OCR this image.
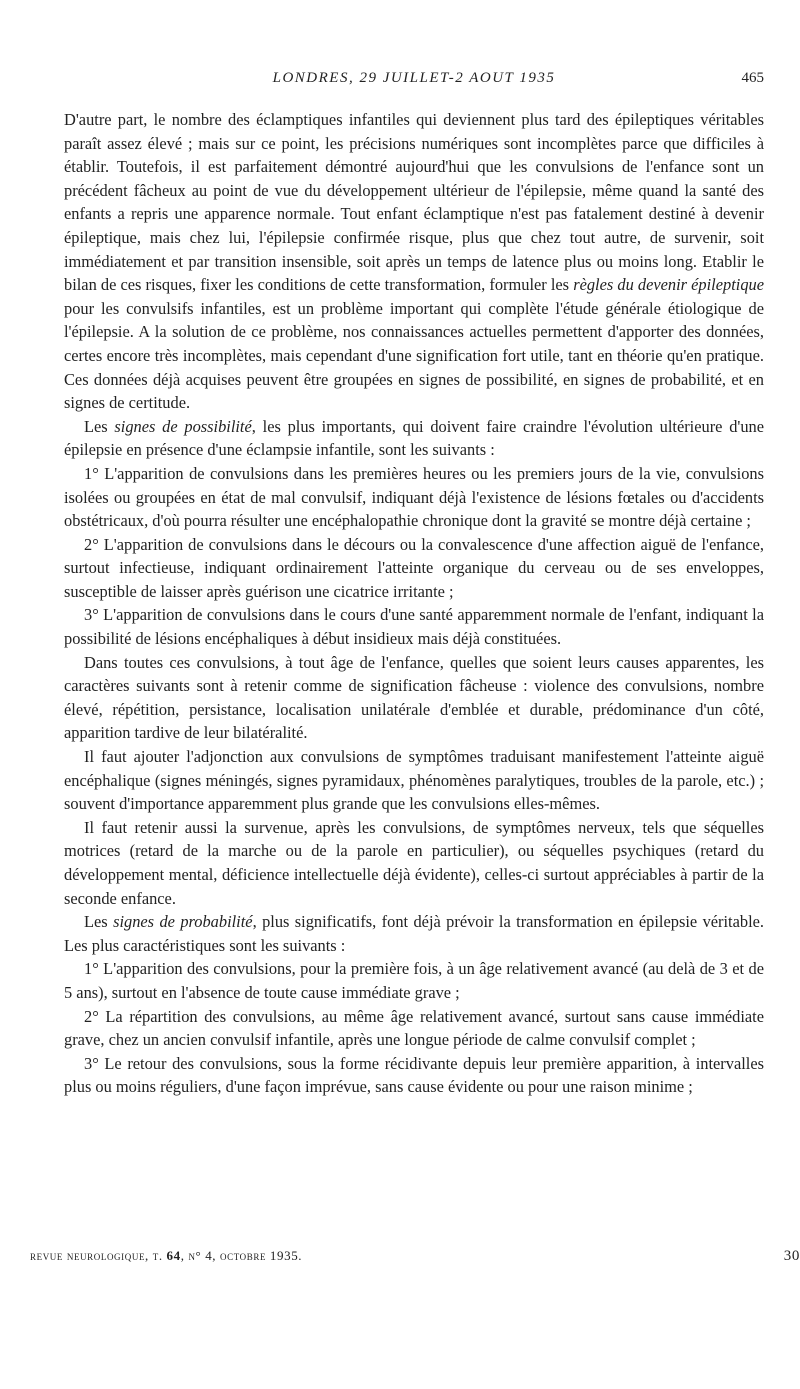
LONDRES, 29 JUILLET-2 AOUT 1935	465

D'autre part, le nombre des éclamptiques infantiles qui deviennent plus tard des épileptiques véritables paraît assez élevé ; mais sur ce point, les précisions numériques sont incomplètes parce que difficiles à établir. Toutefois, il est parfaitement démontré aujourd'hui que les convulsions de l'enfance sont un précédent fâcheux au point de vue du développement ultérieur de l'épilepsie, même quand la santé des enfants a repris une apparence normale. Tout enfant éclamptique n'est pas fatalement destiné à devenir épileptique, mais chez lui, l'épilepsie confirmée risque, plus que chez tout autre, de survenir, soit immédiatement et par transition insensible, soit après un temps de latence plus ou moins long. Etablir le bilan de ces risques, fixer les conditions de cette transformation, formuler les règles du devenir épileptique pour les convulsifs infantiles, est un problème important qui complète l'étude générale étiologique de l'épilepsie. A la solution de ce problème, nos connaissances actuelles permettent d'apporter des données, certes encore très incomplètes, mais cependant d'une signification fort utile, tant en théorie qu'en pratique. Ces données déjà acquises peuvent être groupées en signes de possibilité, en signes de probabilité, et en signes de certitude.

Les signes de possibilité, les plus importants, qui doivent faire craindre l'évolution ultérieure d'une épilepsie en présence d'une éclampsie infantile, sont les suivants :

1° L'apparition de convulsions dans les premières heures ou les premiers jours de la vie, convulsions isolées ou groupées en état de mal convulsif, indiquant déjà l'existence de lésions fœtales ou d'accidents obstétricaux, d'où pourra résulter une encéphalopathie chronique dont la gravité se montre déjà certaine ;

2° L'apparition de convulsions dans le décours ou la convalescence d'une affection aiguë de l'enfance, surtout infectieuse, indiquant ordinairement l'atteinte organique du cerveau ou de ses enveloppes, susceptible de laisser après guérison une cicatrice irritante ;

3° L'apparition de convulsions dans le cours d'une santé apparemment normale de l'enfant, indiquant la possibilité de lésions encéphaliques à début insidieux mais déjà constituées.

Dans toutes ces convulsions, à tout âge de l'enfance, quelles que soient leurs causes apparentes, les caractères suivants sont à retenir comme de signification fâcheuse : violence des convulsions, nombre élevé, répétition, persistance, localisation unilatérale d'emblée et durable, prédominance d'un côté, apparition tardive de leur bilatéralité.

Il faut ajouter l'adjonction aux convulsions de symptômes traduisant manifestement l'atteinte aiguë encéphalique (signes méningés, signes pyramidaux, phénomènes paralytiques, troubles de la parole, etc.) ; souvent d'importance apparemment plus grande que les convulsions elles-mêmes.

Il faut retenir aussi la survenue, après les convulsions, de symptômes nerveux, tels que séquelles motrices (retard de la marche ou de la parole en particulier), ou séquelles psychiques (retard du développement mental, déficience intellectuelle déjà évidente), celles-ci surtout appréciables à partir de la seconde enfance.

Les signes de probabilité, plus significatifs, font déjà prévoir la transformation en épilepsie véritable. Les plus caractéristiques sont les suivants :

1° L'apparition des convulsions, pour la première fois, à un âge relativement avancé (au delà de 3 et de 5 ans), surtout en l'absence de toute cause immédiate grave ;

2° La répartition des convulsions, au même âge relativement avancé, surtout sans cause immédiate grave, chez un ancien convulsif infantile, après une longue période de calme convulsif complet ;

3° Le retour des convulsions, sous la forme récidivante depuis leur première apparition, à intervalles plus ou moins réguliers, d'une façon imprévue, sans cause évidente ou pour une raison minime ;

revue neurologique, t. 64, n° 4, octobre 1935.	30
